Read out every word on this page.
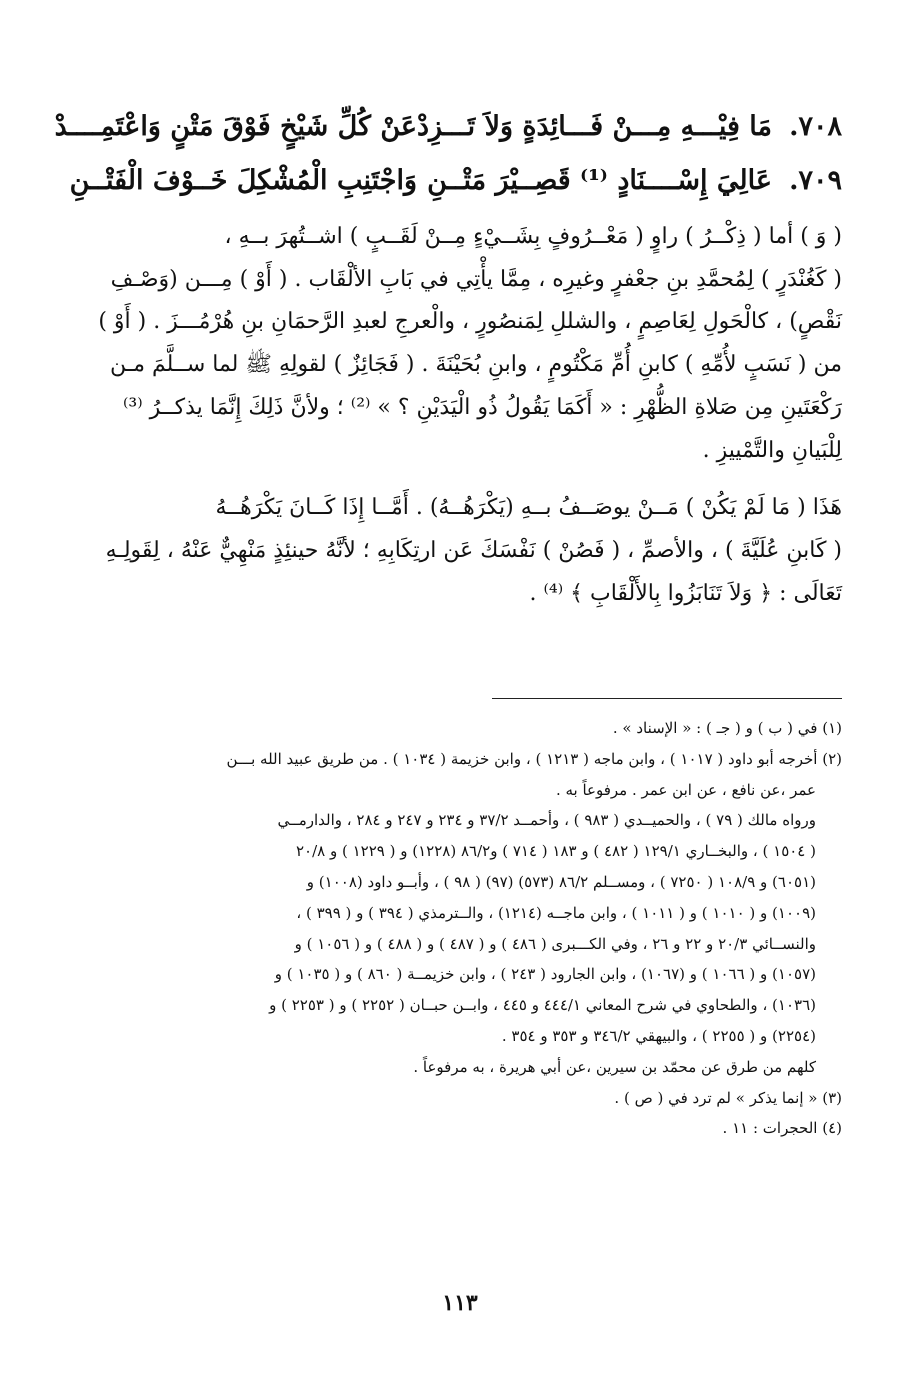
٧٠٨.
مَا فِيْـــهِ مِـــنْ فَـــائِدَةٍ وَلاَ تَـــزِدْ
عَنْ كُلِّ شَيْخٍ فَوْقَ مَتْنٍ وَاعْتَمِــــدْ
٧٠٩.
عَالِيَ إِسْــــنَادٍ ⁽¹⁾ قَصِــيْرَ مَتْــنِ
وَاجْتَنِبِ الْمُشْكِلَ خَــوْفَ الْفَتْــنِ

( وَ ) أما ( ذِكْــرُ ) راوٍ ( مَعْــرُوفٍ بِشَــيْءٍ مِــنْ لَقَــبٍ ) اشــتُهرَ بــهِ ،

( كَغُنْدَرٍ ) لِمُحمَّدِ بنِ جعْفرٍ وغيرِه ، مِمَّا يأْتِي في بَابِ الألْقَاب . ( أَوْ ) مِـــن (وَصْـفِ

نَقْصٍ) ، كالْحَولِ لِعَاصِمٍ ، والشللِ لِمَنصُورٍ ، والْعرجِ لعبدِ الرَّحمَانِ بنِ هُرْمُـــزَ . ( أَوْ )

من ( نَسَبٍ لأُمِّهِ ) كابنِ أُمِّ مَكْتُومٍ ، وابنِ بُحَيْنَةَ . ( فَجَائِزٌ ) لقولِهِ ﷺ لما ســلَّمَ مـن

رَكْعَتَينِ مِن صَلاةِ الظُّهْرِ : « أَكَمَا يَقُولُ ذُو الْيَدَيْنِ ؟ » ⁽²⁾ ؛ ولأنَّ ذَلِكَ إِنَّمَا يذكــرُ ⁽³⁾

لِلْبَيانِ والتَّمْييزِ .

هَذَا ( مَا لَمْ يَكُنْ ) مَــنْ يوصَــفُ بــهِ (يَكْرَهُــهُ) . أَمَّــا إِذَا كَــانَ يَكْرَهُــهُ

( كَابنِ عُلَيَّةَ ) ، والأصمِّ ، ( فَصُنْ ) نَفْسَكَ عَن ارتِكَابِهِ ؛ لأنَّهُ حينئِذٍ مَنْهِيٌّ عَنْهُ ، لِقَولِـهِ

تَعَالَى : ﴿ وَلاَ تَنَابَزُوا بِالأَلْقَابِ ﴾ ⁽⁴⁾ .

(١) في ( ب ) و ( جـ ) : « الإسناد » .

(٢) أخرجه أبو داود ( ١٠١٧ ) ، وابن ماجه ( ١٢١٣ ) ، وابن خزيمة ( ١٠٣٤ ) . من طريق عبيد الله بـــن

عمر ،عن نافع ، عن ابن عمر . مرفوعاً به .

ورواه مالك ( ٧٩ ) ، والحميــدي ( ٩٨٣ ) ، وأحمــد ٣٧/٢ و ٢٣٤ و ٢٤٧ و ٢٨٤ ، والدارمــي

( ١٥٠٤ ) ، والبخــاري ١٢٩/١ ( ٤٨٢ ) و ١٨٣ ( ٧١٤ ) و٨٦/٢ (١٢٢٨) و ( ١٢٢٩ ) و ٢٠/٨

(٦٠٥١) و ١٠٨/٩ ( ٧٢٥٠ ) ، ومســلم ٨٦/٢ (٥٧٣) (٩٧) ( ٩٨ ) ، وأبــو داود (١٠٠٨) و

(١٠٠٩) و ( ١٠١٠ ) و ( ١٠١١ ) ، وابن ماجــه (١٢١٤) ، والــترمذي ( ٣٩٤ ) و ( ٣٩٩ ) ،

والنســائي ٢٠/٣ و ٢٢ و ٢٦ ، وفي الكـــبرى ( ٤٨٦ ) و ( ٤٨٧ ) و ( ٤٨٨ ) و ( ١٠٥٦ ) و

(١٠٥٧) و ( ١٠٦٦ ) و (١٠٦٧) ، وابن الجارود ( ٢٤٣ ) ، وابن خزيمــة ( ٨٦٠ ) و ( ١٠٣٥ ) و

(١٠٣٦) ، والطحاوي في شرح المعاني ٤٤٤/١ و ٤٤٥ ، وابــن حبــان ( ٢٢٥٢ ) و ( ٢٢٥٣ ) و

(٢٢٥٤) و ( ٢٢٥٥ ) ، والبيهقي ٣٤٦/٢ و ٣٥٣ و ٣٥٤ .

كلهم من طرق عن محمّد بن سيرين ،عن أبي هريرة ، به مرفوعاً .

(٣) « إنما يذكر » لم ترد في ( ص ) .

(٤) الحجرات : ١١ .

١١٣
